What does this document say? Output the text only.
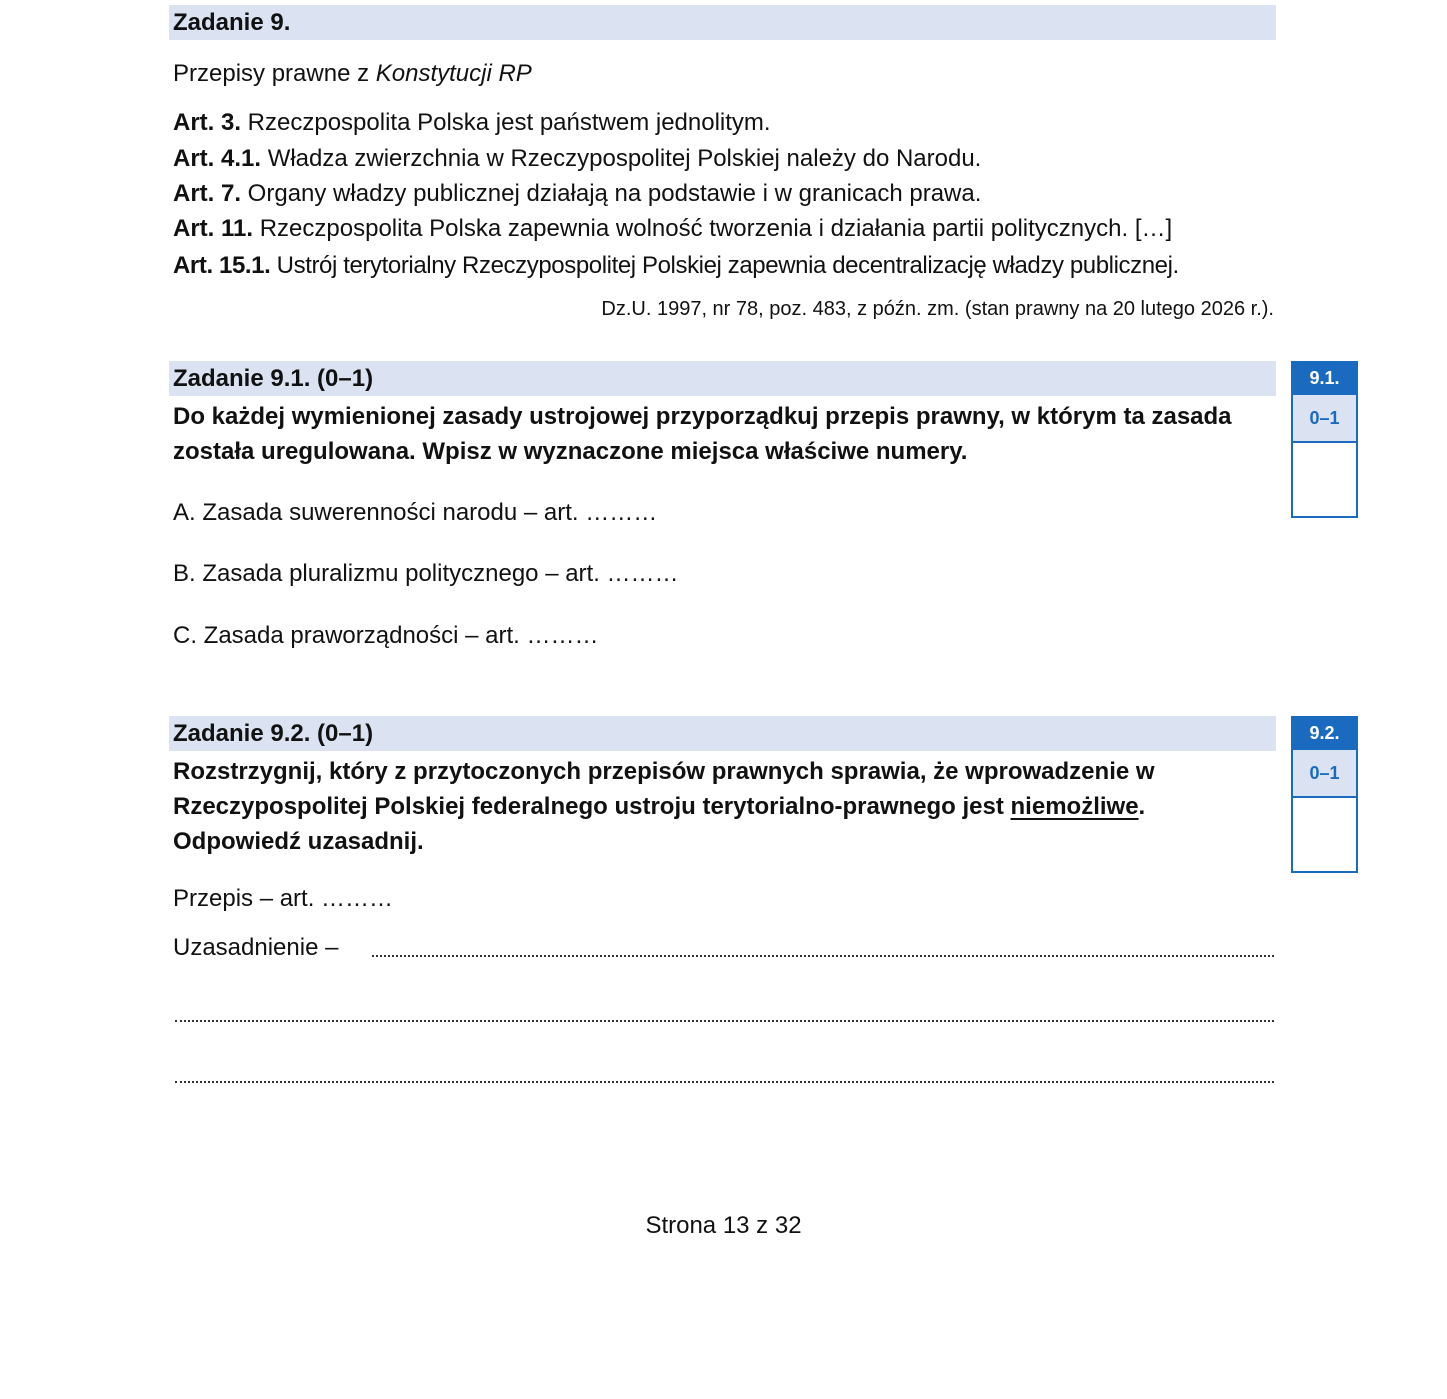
Zadanie 9.
Przepisy prawne z Konstytucji RP
Art. 3. Rzeczpospolita Polska jest państwem jednolitym.
Art. 4.1. Władza zwierzchnia w Rzeczypospolitej Polskiej należy do Narodu.
Art. 7. Organy władzy publicznej działają na podstawie i w granicach prawa.
Art. 11. Rzeczpospolita Polska zapewnia wolność tworzenia i działania partii politycznych. […]
Art. 15.1. Ustrój terytorialny Rzeczypospolitej Polskiej zapewnia decentralizację władzy publicznej.
Dz.U. 1997, nr 78, poz. 483, z późn. zm. (stan prawny na 20 lutego 2026 r.).
Zadanie 9.1. (0–1)
Do każdej wymienionej zasady ustrojowej przyporządkuj przepis prawny, w którym ta zasada została uregulowana. Wpisz w wyznaczone miejsca właściwe numery.
A. Zasada suwerenności narodu – art. ………
B. Zasada pluralizmu politycznego – art. ………
C. Zasada praworządności – art. ………
9.1.
0–1
Zadanie 9.2. (0–1)
Rozstrzygnij, który z przytoczonych przepisów prawnych sprawia, że wprowadzenie w Rzeczypospolitej Polskiej federalnego ustroju terytorialno-prawnego jest niemożliwe. Odpowiedź uzasadnij.
Przepis – art. ………
Uzasadnienie –
9.2.
0–1
Strona 13 z 32
